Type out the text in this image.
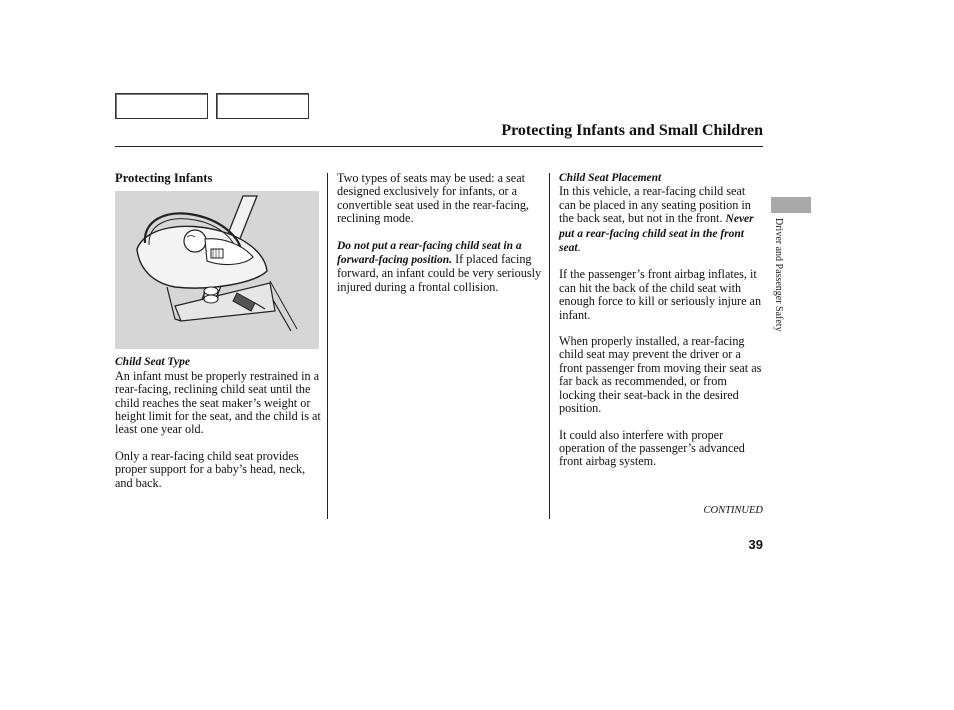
Protecting Infants and Small Children
Protecting Infants
Child Seat Type

An infant must be properly restrained in a rear-facing, reclining child seat until the child reaches the seat maker’s weight or height limit for the seat, and the child is at least one year old.

Only a rear-facing child seat provides proper support for a baby’s head, neck, and back.

Two types of seats may be used: a seat designed exclusively for infants, or a convertible seat used in the rear-facing, reclining mode.

Do not put a rear-facing child seat in a forward-facing position. If placed facing forward, an infant could be very seriously injured during a frontal collision.

Child Seat Placement

In this vehicle, a rear-facing child seat can be placed in any seating position in the back seat, but not in the front. Never put a rear-facing child seat in the front seat.

If the passenger’s front airbag inflates, it can hit the back of the child seat with enough force to kill or seriously injure an infant.

When properly installed, a rear-facing child seat may prevent the driver or a front passenger from moving their seat as far back as recommended, or from locking their seat-back in the desired position.

It could also interfere with proper operation of the passenger’s advanced front airbag system.

CONTINUED
39
Driver and Passenger Safety
